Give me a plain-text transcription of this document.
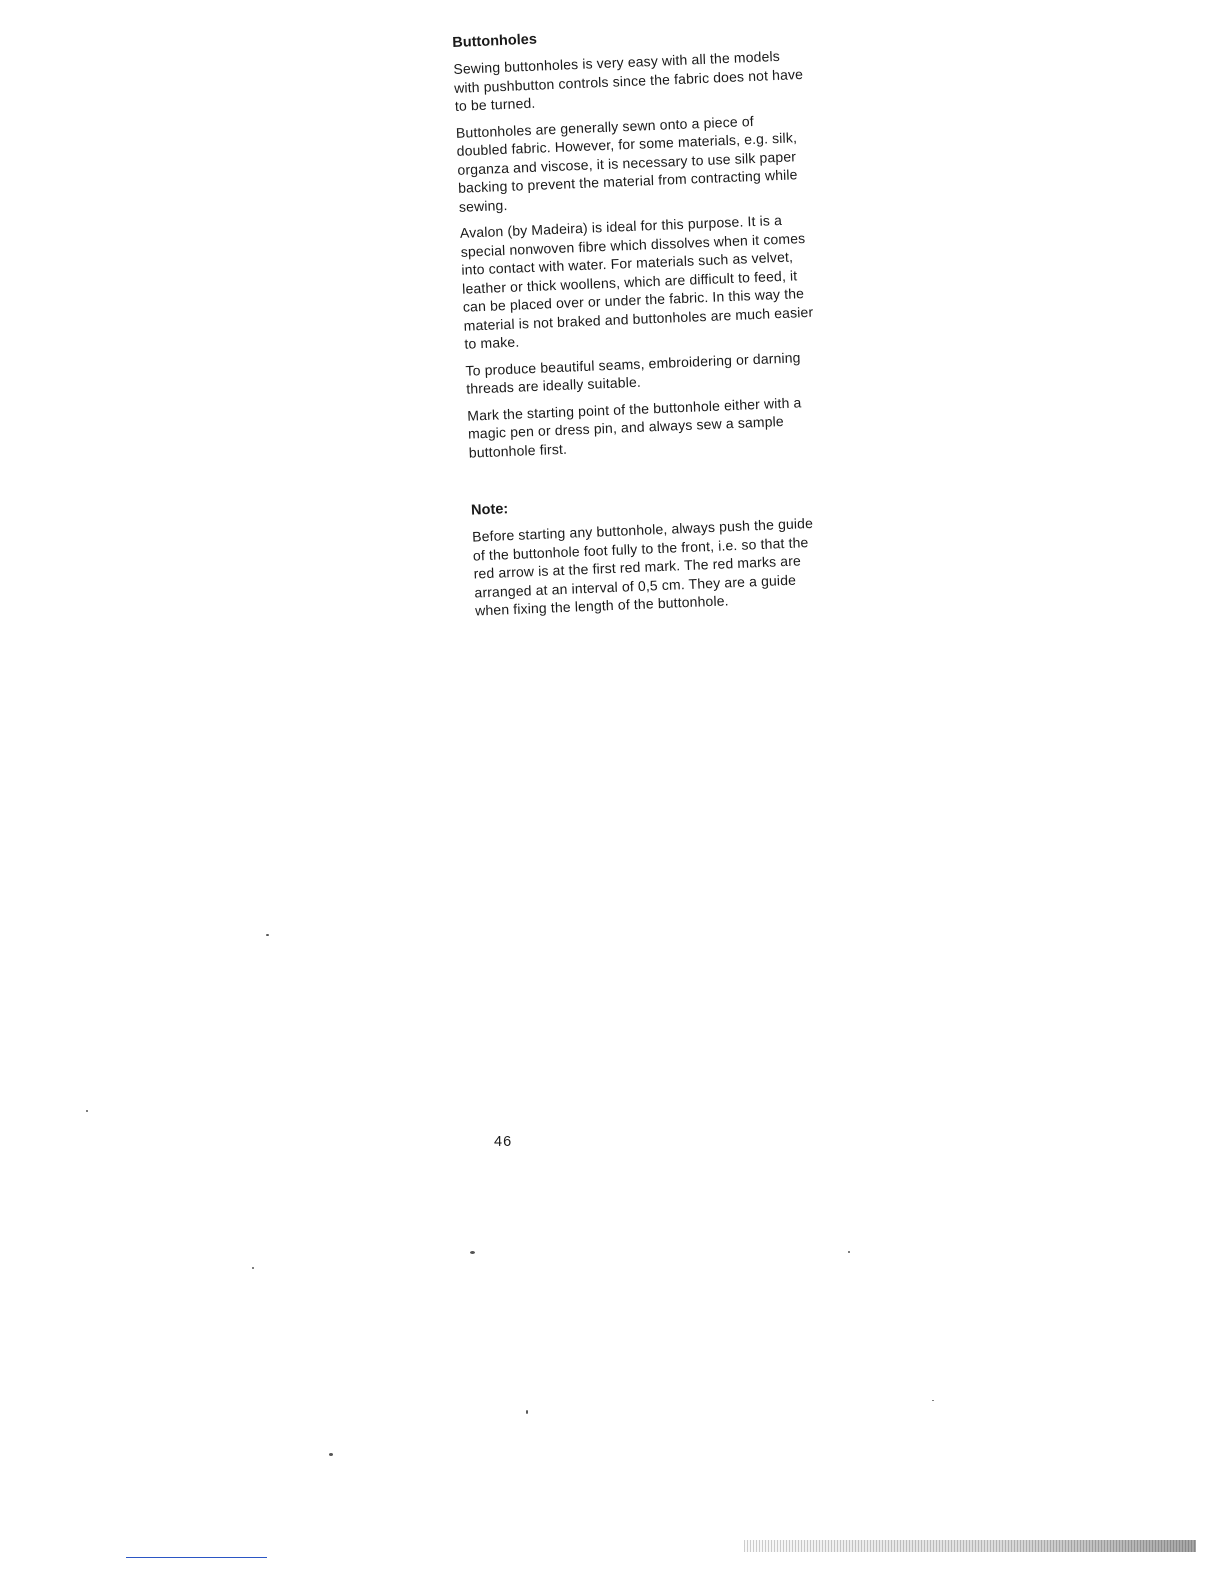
Buttonholes

Sewing buttonholes is very easy with all the models with pushbutton controls since the fabric does not have to be turned.

Buttonholes are generally sewn onto a piece of doubled fabric. However, for some materials, e.g. silk, organza and viscose, it is necessary to use silk paper backing to prevent the material from contracting while sewing.

Avalon (by Madeira) is ideal for this purpose. It is a special nonwoven fibre which dissolves when it comes into contact with water. For materials such as velvet, leather or thick woollens, which are difficult to feed, it can be placed over or under the fabric. In this way the material is not braked and buttonholes are much easier to make.

To produce beautiful seams, embroidering or darning threads are ideally suitable.

Mark the starting point of the buttonhole either with a magic pen or dress pin, and always sew a sample buttonhole first.

Note:

Before starting any buttonhole, always push the guide of the buttonhole foot fully to the front, i.e. so that the red arrow is at the first red mark. The red marks are arranged at an interval of 0,5 cm. They are a guide when fixing the length of the buttonhole.

46
